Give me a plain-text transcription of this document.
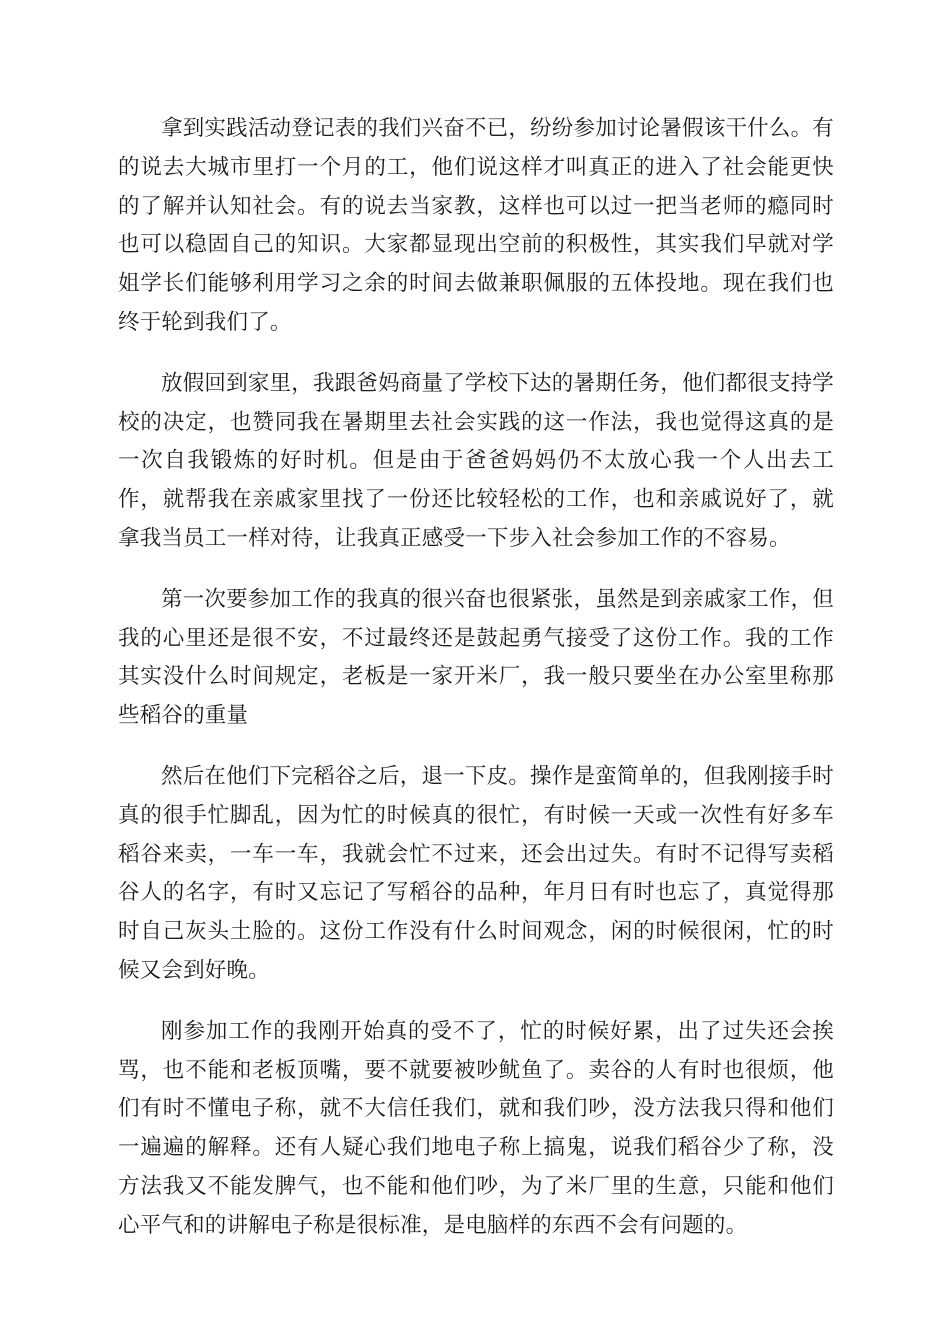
拿到实践活动登记表的我们兴奋不已，纷纷参加讨论暑假该干什么。有的说去大城市里打一个月的工，他们说这样才叫真正的进入了社会能更快的了解并认知社会。有的说去当家教，这样也可以过一把当老师的瘾同时也可以稳固自己的知识。大家都显现出空前的积极性，其实我们早就对学姐学长们能够利用学习之余的时间去做兼职佩服的五体投地。现在我们也终于轮到我们了。

放假回到家里，我跟爸妈商量了学校下达的暑期任务，他们都很支持学校的决定，也赞同我在暑期里去社会实践的这一作法，我也觉得这真的是一次自我锻炼的好时机。但是由于爸爸妈妈仍不太放心我一个人出去工作，就帮我在亲戚家里找了一份还比较轻松的工作，也和亲戚说好了，就拿我当员工一样对待，让我真正感受一下步入社会参加工作的不容易。

第一次要参加工作的我真的很兴奋也很紧张，虽然是到亲戚家工作，但我的心里还是很不安，不过最终还是鼓起勇气接受了这份工作。我的工作其实没什么时间规定，老板是一家开米厂，我一般只要坐在办公室里称那些稻谷的重量

然后在他们下完稻谷之后，退一下皮。操作是蛮简单的，但我刚接手时真的很手忙脚乱，因为忙的时候真的很忙，有时候一天或一次性有好多车稻谷来卖，一车一车，我就会忙不过来，还会出过失。有时不记得写卖稻谷人的名字，有时又忘记了写稻谷的品种，年月日有时也忘了，真觉得那时自己灰头土脸的。这份工作没有什么时间观念，闲的时候很闲，忙的时候又会到好晚。

刚参加工作的我刚开始真的受不了，忙的时候好累，出了过失还会挨骂，也不能和老板顶嘴，要不就要被吵鱿鱼了。卖谷的人有时也很烦，他们有时不懂电子称，就不大信任我们，就和我们吵，没方法我只得和他们一遍遍的解释。还有人疑心我们地电子称上搞鬼，说我们稻谷少了称，没方法我又不能发脾气，也不能和他们吵，为了米厂里的生意，只能和他们心平气和的讲解电子称是很标准，是电脑样的东西不会有问题的。
